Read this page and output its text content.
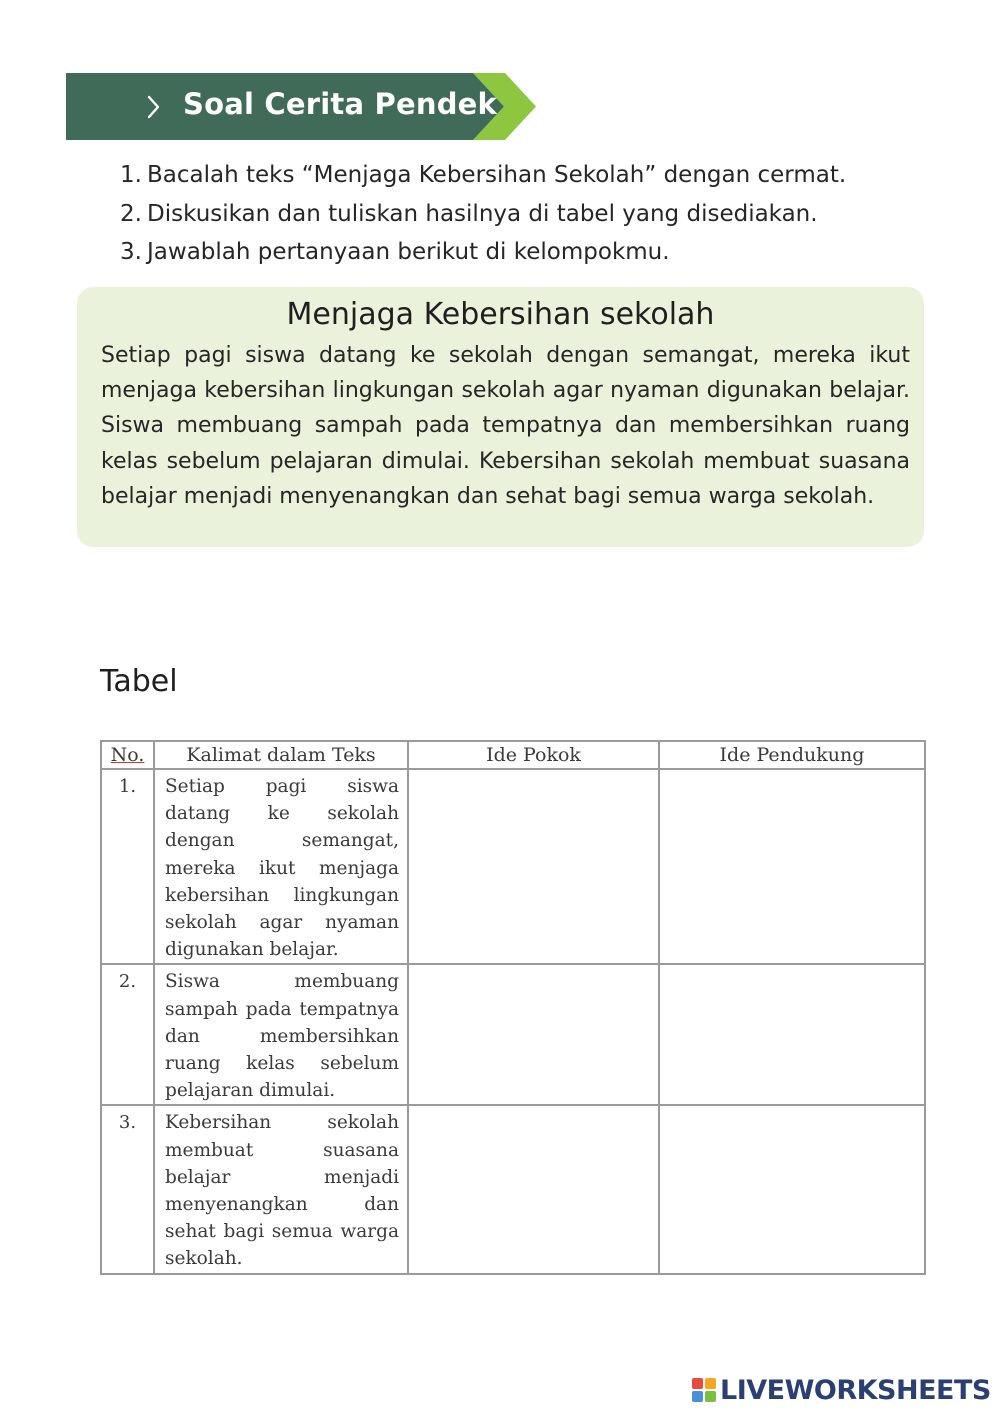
Soal Cerita Pendek
1. Bacalah teks “Menjaga Kebersihan Sekolah” dengan cermat.
2. Diskusikan dan tuliskan hasilnya di tabel yang disediakan.
3. Jawablah pertanyaan berikut di kelompokmu.
Menjaga Kebersihan sekolah

Setiap pagi siswa datang ke sekolah dengan semangat, mereka ikut menjaga kebersihan lingkungan sekolah agar nyaman digunakan belajar. Siswa membuang sampah pada tempatnya dan membersihkan ruang kelas sebelum pelajaran dimulai. Kebersihan sekolah membuat suasana belajar menjadi menyenangkan dan sehat bagi semua warga sekolah.

Tabel
No.	Kalimat dalam Teks	Ide Pokok	Ide Pendukung
1.	Setiap pagi siswa datang ke sekolah dengan semangat, mereka ikut menjaga kebersihan lingkungan sekolah agar nyaman digunakan belajar.		
2.	Siswa membuang sampah pada tempatnya dan membersihkan ruang kelas sebelum pelajaran dimulai.		
3.	Kebersihan sekolah membuat suasana belajar menjadi menyenangkan dan sehat bagi semua warga sekolah.		
LIVEWORKSHEETS
